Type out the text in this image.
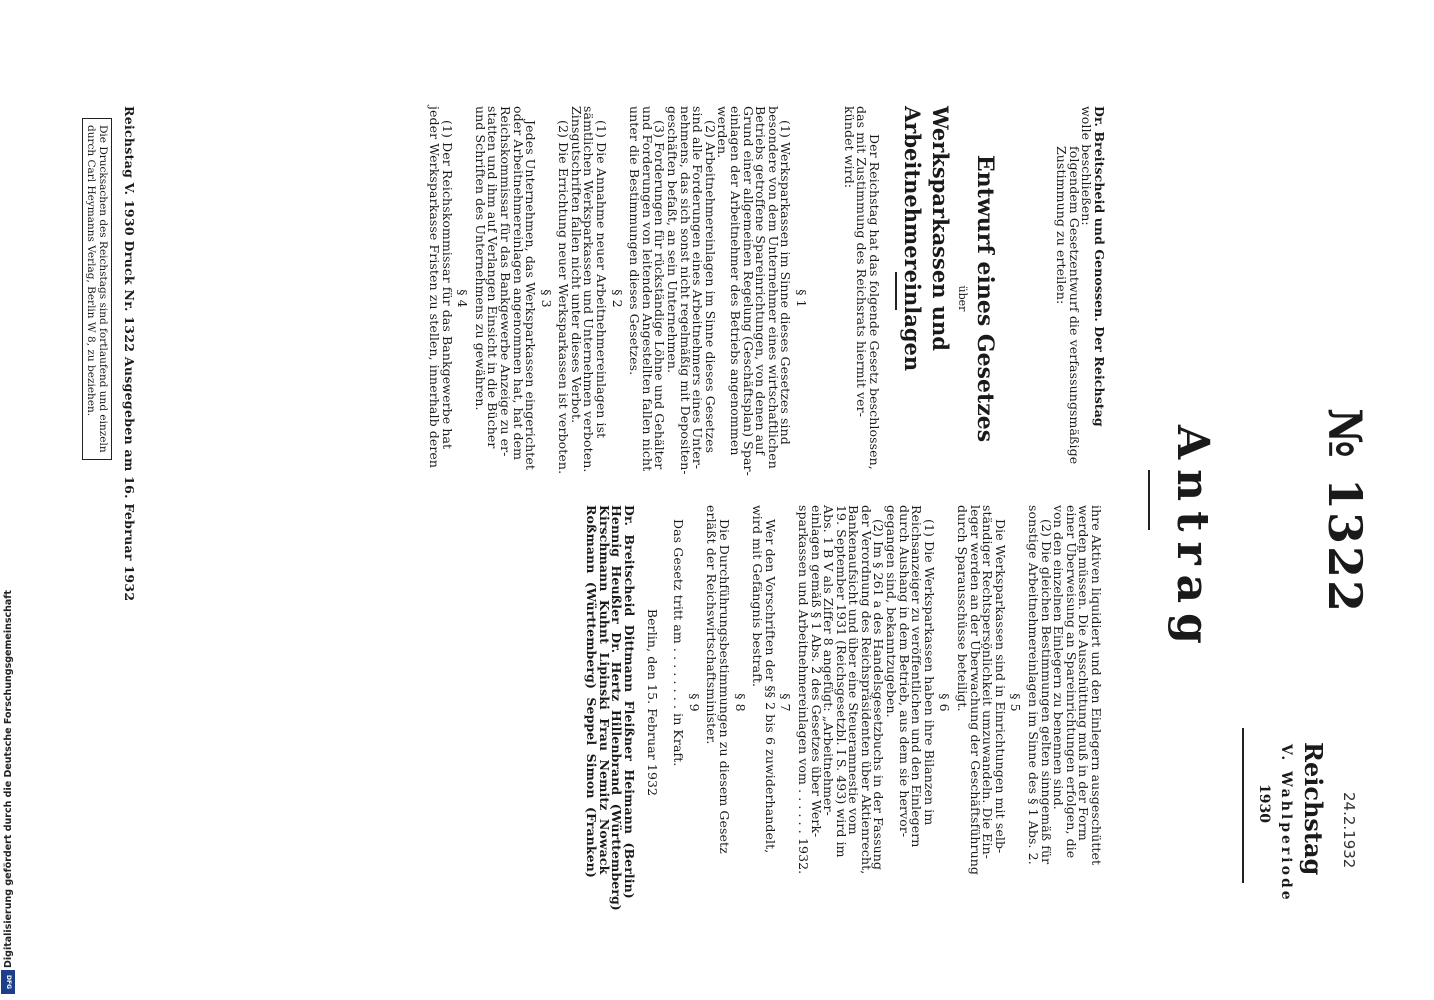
№ 1322
Antrag
24.2.1932
Reichstag
V. Wahlperiode
1930
Dr. Breitscheid und Genossen. Der Reichstag
wolle beschließen:
folgendem Gesetzentwurf die verfassungsmäßige
Zustimmung zu erteilen:
Entwurf eines Gesetzes
über
Werksparkassen und Arbeitnehmereinlagen
Der Reichstag hat das folgende Gesetz beschlossen,
das mit Zustimmung des Reichsrats hiermit ver-
kündet wird:
§ 1
(1) Werksparkassen im Sinne dieses Gesetzes sind
besondere von dem Unternehmer eines wirtschaftlichen
Betriebs getroffene Spareinrichtungen, von denen auf
Grund einer allgemeinen Regelung (Geschäftsplan) Spar-
einlagen der Arbeitnehmer des Betriebs angenommen
werden.
(2) Arbeitnehmereinlagen im Sinne dieses Gesetzes
sind alle Forderungen eines Arbeitnehmers eines Unter-
nehmens, das sich sonst nicht regelmäßig mit Depositen-
geschäften befaßt, an sein Unternehmen.
(3) Forderungen für rückständige Löhne und Gehälter
und Forderungen von leitenden Angestellten fallen nicht
unter die Bestimmungen dieses Gesetzes.
§ 2
(1) Die Annahme neuer Arbeitnehmereinlagen ist
sämtlichen Werksparkassen und Unternehmen verboten.
Zinsgutschriften fallen nicht unter dieses Verbot.
(2) Die Errichtung neuer Werksparkassen ist verboten.
§ 3
Jedes Unternehmen, das Werksparkassen eingerichtet
oder Arbeitnehmereinlagen angenommen hat, hat dem
Reichskommissar für das Bankgewerbe Anzeige zu er-
statten und ihm auf Verlangen Einsicht in die Bücher
und Schriften des Unternehmens zu gewähren.
§ 4
(1) Der Reichskommissar für das Bankgewerbe hat
jeder Werksparkasse Fristen zu stellen, innerhalb deren
ihre Aktiven liquidiert und den Einlegern ausgeschüttet
werden müssen. Die Ausschüttung muß in der Form
einer Überweisung an Spareinrichtungen erfolgen, die
von den einzelnen Einlegern zu benennen sind.
(2) Die gleichen Bestimmungen gelten sinngemäß für
sonstige Arbeitnehmereinlagen im Sinne des § 1 Abs. 2.
§ 5
Die Werksparkassen sind in Einrichtungen mit selb-
ständiger Rechtspersönlichkeit umzuwandeln. Die Ein-
leger werden an der Überwachung der Geschäftsführung
durch Sparausschüsse beteiligt.
§ 6
(1) Die Werksparkassen haben ihre Bilanzen im
Reichsanzeiger zu veröffentlichen und den Einlegern
durch Aushang in dem Betrieb, aus dem sie hervor-
gegangen sind, bekanntzugeben.
(2) Im § 261 a des Handelsgesetzbuchs in der Fassung
der Verordnung des Reichspräsidenten über Aktienrecht,
Bankenaufsicht und über eine Steueramnestie vom
19. September 1931 (Reichsgesetzbl. I S. 493) wird im
Abs. 1 B V als Ziffer 8 angefügt: „Arbeitnehmer-
einlagen gemäß § 1 Abs. 2 des Gesetzes über Werk-
sparkassen und Arbeitnehmereinlagen vom . . . . . . 1932.
§ 7
Wer den Vorschriften der §§ 2 bis 6 zuwiderhandelt,
wird mit Gefängnis bestraft.
§ 8
Die Durchführungsbestimmungen zu diesem Gesetz
erläßt der Reichswirtschaftsminister.
§ 9
Das Gesetz tritt am . . . . . . . . in Kraft.
Berlin, den 15. Februar 1932
Dr. Breitscheid Dittmann Fleißner Heimann (Berlin)
Hennig Heußler Dr. Hertz Hillenbrand (Württemberg)
Kirschmann Kuhnt Lipinski Frau Nemitz Nowack
Roßmann (Württemberg) Seppel Simon (Franken)
Reichstag V. 1930 Druck Nr. 1322 Ausgegeben am 16. Februar 1932
Die Drucksachen des Reichstags sind fortlaufend und einzeln
durch Carl Heymanns Verlag, Berlin W 8, zu beziehen.
Digitalisierung gefördert durch die Deutsche Forschungsgemeinschaft
DFG
